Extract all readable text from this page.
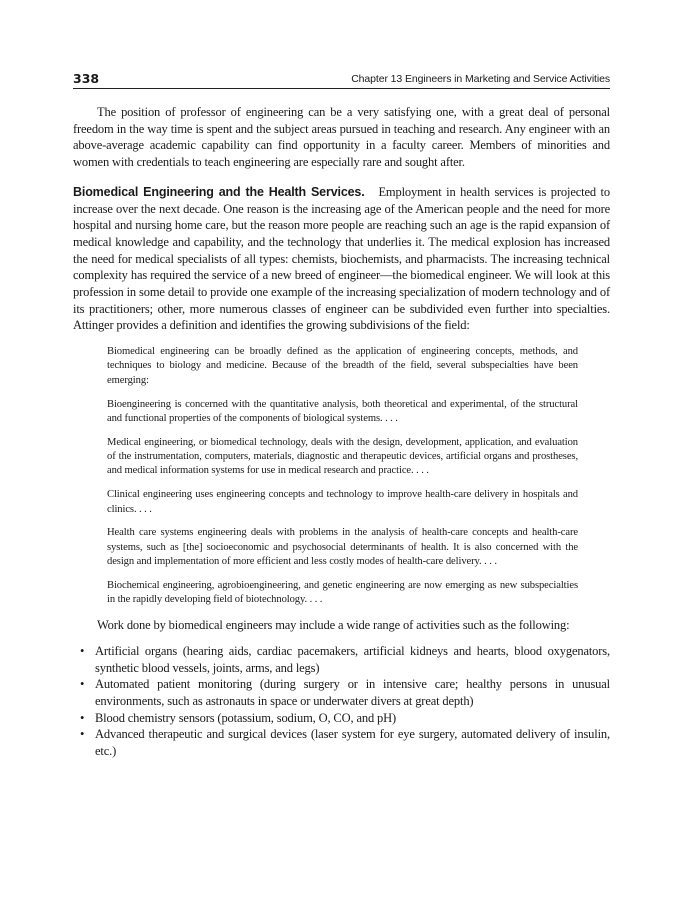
338	Chapter 13 Engineers in Marketing and Service Activities

The position of professor of engineering can be a very satisfying one, with a great deal of personal freedom in the way time is spent and the subject areas pursued in teaching and research. Any engineer with an above-average academic capability can find opportunity in a faculty career. Members of minorities and women with credentials to teach engineering are especially rare and sought after.

Biomedical Engineering and the Health Services. Employment in health services is projected to increase over the next decade. One reason is the increasing age of the American people and the need for more hospital and nursing home care, but the reason more people are reaching such an age is the rapid expansion of medical knowledge and capability, and the technology that underlies it. The medical explosion has increased the need for medical specialists of all types: chemists, biochemists, and pharmacists. The increasing technical complexity has required the service of a new breed of engineer—the biomedical engineer. We will look at this profession in some detail to provide one example of the increasing specialization of modern technology and of its practitioners; other, more numerous classes of engineer can be subdivided even further into specialties. Attinger provides a definition and identifies the growing subdivisions of the field:

Biomedical engineering can be broadly defined as the application of engineering concepts, methods, and techniques to biology and medicine. Because of the breadth of the field, several subspecialties have been emerging:

Bioengineering is concerned with the quantitative analysis, both theoretical and experimental, of the structural and functional properties of the components of biological systems. . . .

Medical engineering, or biomedical technology, deals with the design, development, application, and evaluation of the instrumentation, computers, materials, diagnostic and therapeutic devices, artificial organs and prostheses, and medical information systems for use in medical research and practice. . . .

Clinical engineering uses engineering concepts and technology to improve health-care delivery in hospitals and clinics. . . .

Health care systems engineering deals with problems in the analysis of health-care concepts and health-care systems, such as [the] socioeconomic and psychosocial determinants of health. It is also concerned with the design and implementation of more efficient and less costly modes of health-care delivery. . . .

Biochemical engineering, agrobioengineering, and genetic engineering are now emerging as new subspecialties in the rapidly developing field of biotechnology. . . .

Work done by biomedical engineers may include a wide range of activities such as the following:

• Artificial organs (hearing aids, cardiac pacemakers, artificial kidneys and hearts, blood oxygenators, synthetic blood vessels, joints, arms, and legs)
• Automated patient monitoring (during surgery or in intensive care; healthy persons in unusual environments, such as astronauts in space or underwater divers at great depth)
• Blood chemistry sensors (potassium, sodium, O, CO, and pH)
• Advanced therapeutic and surgical devices (laser system for eye surgery, automated delivery of insulin, etc.)
